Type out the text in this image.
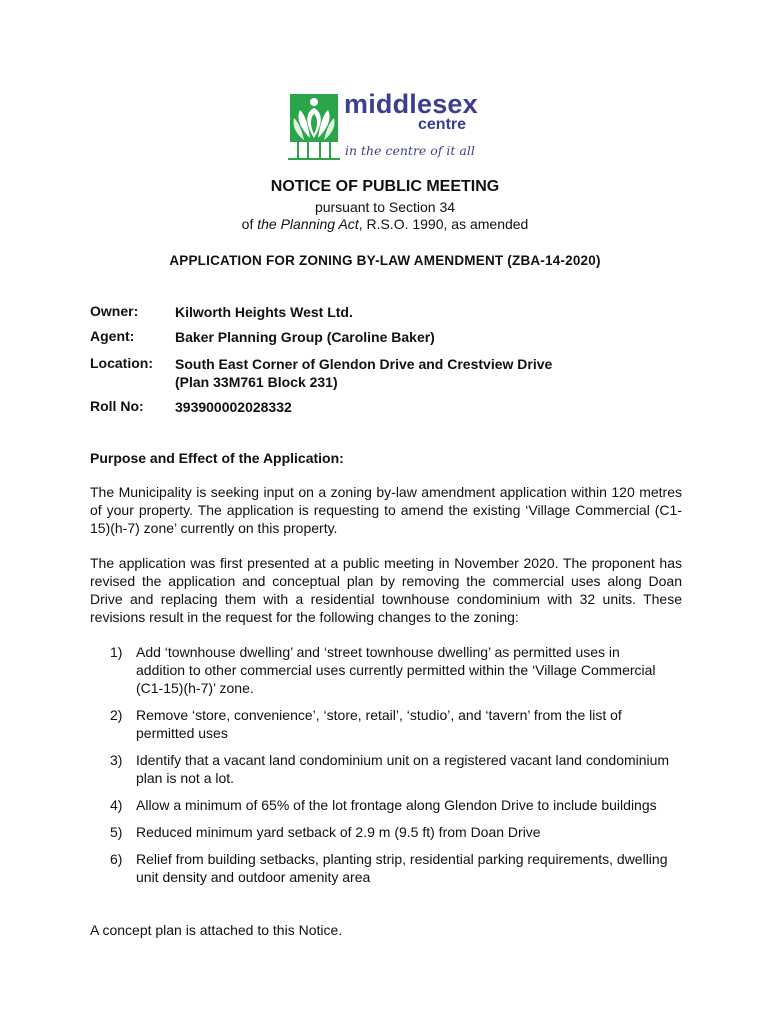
middlesex
centre
in the centre of it all
NOTICE OF PUBLIC MEETING
pursuant to Section 34
of the Planning Act, R.S.O. 1990, as amended
APPLICATION FOR ZONING BY-LAW AMENDMENT (ZBA-14-2020)
Owner:	Kilworth Heights West Ltd.
Agent:	Baker Planning Group (Caroline Baker)
Location:	South East Corner of Glendon Drive and Crestview Drive
(Plan 33M761 Block 231)
Roll No:	393900002028332
Purpose and Effect of the Application:

The Municipality is seeking input on a zoning by-law amendment application within 120 metres of your property. The application is requesting to amend the existing ‘Village Commercial (C1-15)(h-7) zone’ currently on this property.

The application was first presented at a public meeting in November 2020. The proponent has revised the application and conceptual plan by removing the commercial uses along Doan Drive and replacing them with a residential townhouse condominium with 32 units. These revisions result in the request for the following changes to the zoning:

1) Add ‘townhouse dwelling’ and ‘street townhouse dwelling’ as permitted uses in addition to other commercial uses currently permitted within the ‘Village Commercial (C1-15)(h-7)’ zone.
2) Remove ‘store, convenience’, ‘store, retail’, ‘studio’, and ‘tavern’ from the list of permitted uses
3) Identify that a vacant land condominium unit on a registered vacant land condominium plan is not a lot.
4) Allow a minimum of 65% of the lot frontage along Glendon Drive to include buildings
5) Reduced minimum yard setback of 2.9 m (9.5 ft) from Doan Drive
6) Relief from building setbacks, planting strip, residential parking requirements, dwelling unit density and outdoor amenity area
A concept plan is attached to this Notice.
